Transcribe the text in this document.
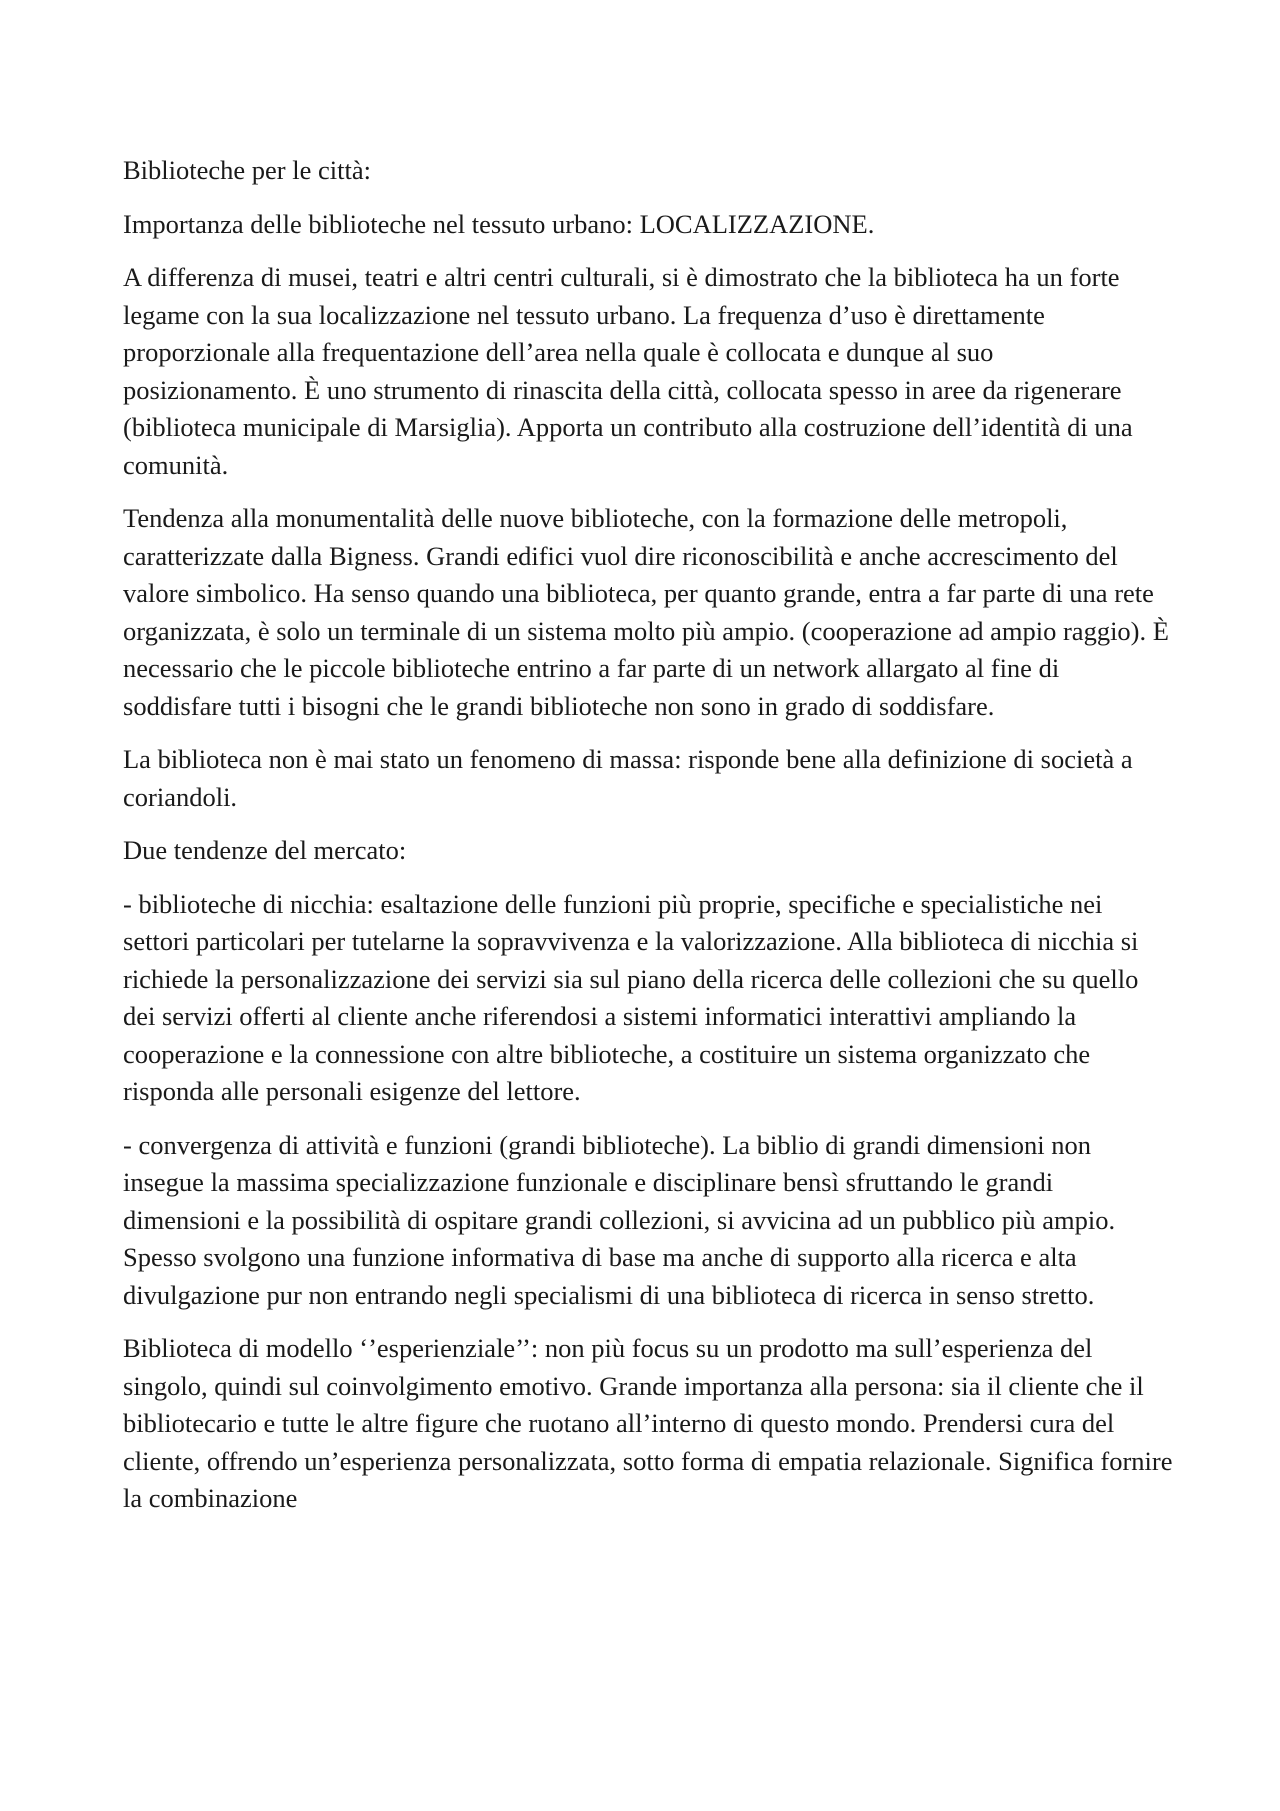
Biblioteche per le città:

Importanza delle biblioteche nel tessuto urbano: LOCALIZZAZIONE.

A differenza di musei, teatri e altri centri culturali, si è dimostrato che la biblioteca ha un forte legame con la sua localizzazione nel tessuto urbano. La frequenza d’uso è direttamente proporzionale alla frequentazione dell’area nella quale è collocata e dunque al suo posizionamento. È uno strumento di rinascita della città, collocata spesso in aree da rigenerare (biblioteca municipale di Marsiglia). Apporta un contributo alla costruzione dell’identità di una comunità.

Tendenza alla monumentalità delle nuove biblioteche, con la formazione delle metropoli, caratterizzate dalla Bigness. Grandi edifici vuol dire riconoscibilità e anche accrescimento del valore simbolico. Ha senso quando una biblioteca, per quanto grande, entra a far parte di una rete organizzata, è solo un terminale di un sistema molto più ampio. (cooperazione ad ampio raggio). È necessario che le piccole biblioteche entrino a far parte di un network allargato al fine di soddisfare tutti i bisogni che le grandi biblioteche non sono in grado di soddisfare.

La biblioteca non è mai stato un fenomeno di massa: risponde bene alla definizione di società a coriandoli.

Due tendenze del mercato:

- biblioteche di nicchia: esaltazione delle funzioni più proprie, specifiche e specialistiche nei settori particolari per tutelarne la sopravvivenza e la valorizzazione. Alla biblioteca di nicchia si richiede la personalizzazione dei servizi sia sul piano della ricerca delle collezioni che su quello dei servizi offerti al cliente anche riferendosi a sistemi informatici interattivi ampliando la cooperazione e la connessione con altre biblioteche, a costituire un sistema organizzato che risponda alle personali esigenze del lettore.

- convergenza di attività e funzioni (grandi biblioteche). La biblio di grandi dimensioni non insegue la massima specializzazione funzionale e disciplinare bensì sfruttando le grandi dimensioni e la possibilità di ospitare grandi collezioni, si avvicina ad un pubblico più ampio. Spesso svolgono una funzione informativa di base ma anche di supporto alla ricerca e alta divulgazione pur non entrando negli specialismi di una biblioteca di ricerca in senso stretto.

Biblioteca di modello ‘’esperienziale’’: non più focus su un prodotto ma sull’esperienza del singolo, quindi sul coinvolgimento emotivo. Grande importanza alla persona: sia il cliente che il bibliotecario e tutte le altre figure che ruotano all’interno di questo mondo. Prendersi cura del cliente, offrendo un’esperienza personalizzata, sotto forma di empatia relazionale. Significa fornire la combinazione
